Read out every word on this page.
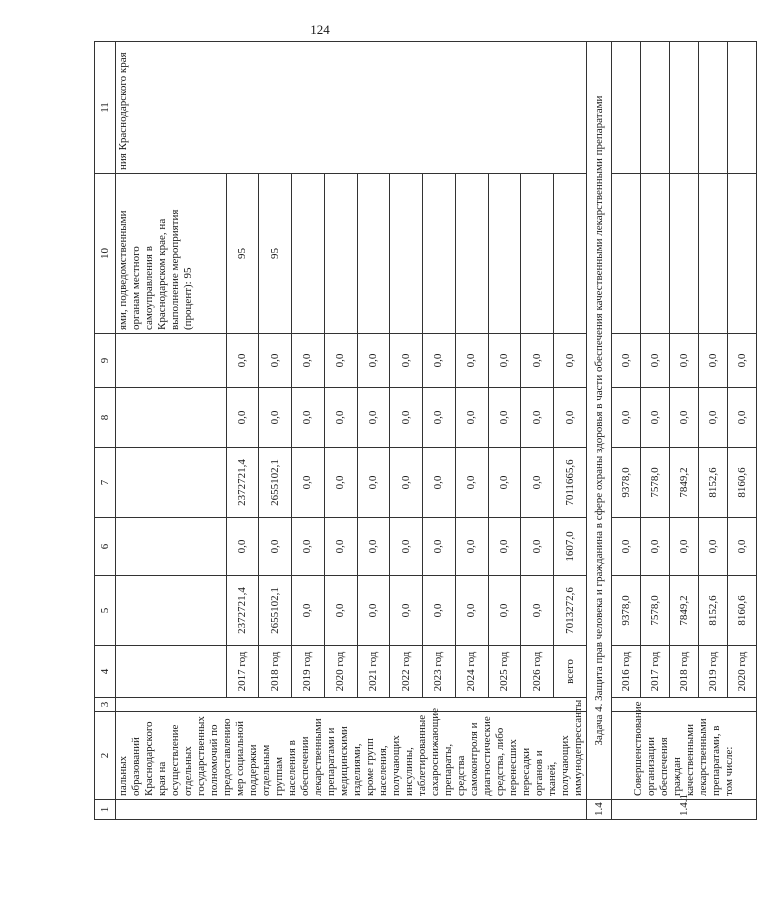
124
1	2	3	4	5	6	7	8	9	10	11
	пальных образований Краснодарского края на осуществление отдельных государственных полномочий по предоставлению мер социальной поддержки отдельным группам населения в обеспечении лекарственными препаратами и медицинскими изделиями, кроме групп населения, получающих инсулины, таблетированные сахароснижающие препараты, средства самоконтроля и диагностические средства, либо перенесших пересадки органов и тканей, получающих иммунодепрессанты								ями, подведомственными органам местного самоуправления в Краснодарском крае, на выполнение мероприятия (процент): 95	ния Краснодарского края
			2017 год	2372721,4	0,0	2372721,4	0,0	0,0	95	
			2018 год	2655102,1	0,0	2655102,1	0,0	0,0	95	
			2019 год	0,0	0,0	0,0	0,0	0,0		
			2020 год	0,0	0,0	0,0	0,0	0,0		
			2021 год	0,0	0,0	0,0	0,0	0,0		
			2022 год	0,0	0,0	0,0	0,0	0,0		
			2023 год	0,0	0,0	0,0	0,0	0,0		
			2024 год	0,0	0,0	0,0	0,0	0,0		
			2025 год	0,0	0,0	0,0	0,0	0,0		
			2026 год	0,0	0,0	0,0	0,0	0,0		
			всего	7013272,6	1607,0	7011665,6	0,0	0,0		
1.4	Задача 4. Защита прав человека и гражданина в сфере охраны здоровья в части обеспечения качественными лекарственными препаратами									
1.4.1	Совершенствование организации обеспечения граждан качественными лекарственными препаратами, в том числе:		2016 год	9378,0	0,0	9378,0	0,0	0,0		
			2017 год	7578,0	0,0	7578,0	0,0	0,0		
			2018 год	7849,2	0,0	7849,2	0,0	0,0		
			2019 год	8152,6	0,0	8152,6	0,0	0,0		
			2020 год	8160,6	0,0	8160,6	0,0	0,0		
